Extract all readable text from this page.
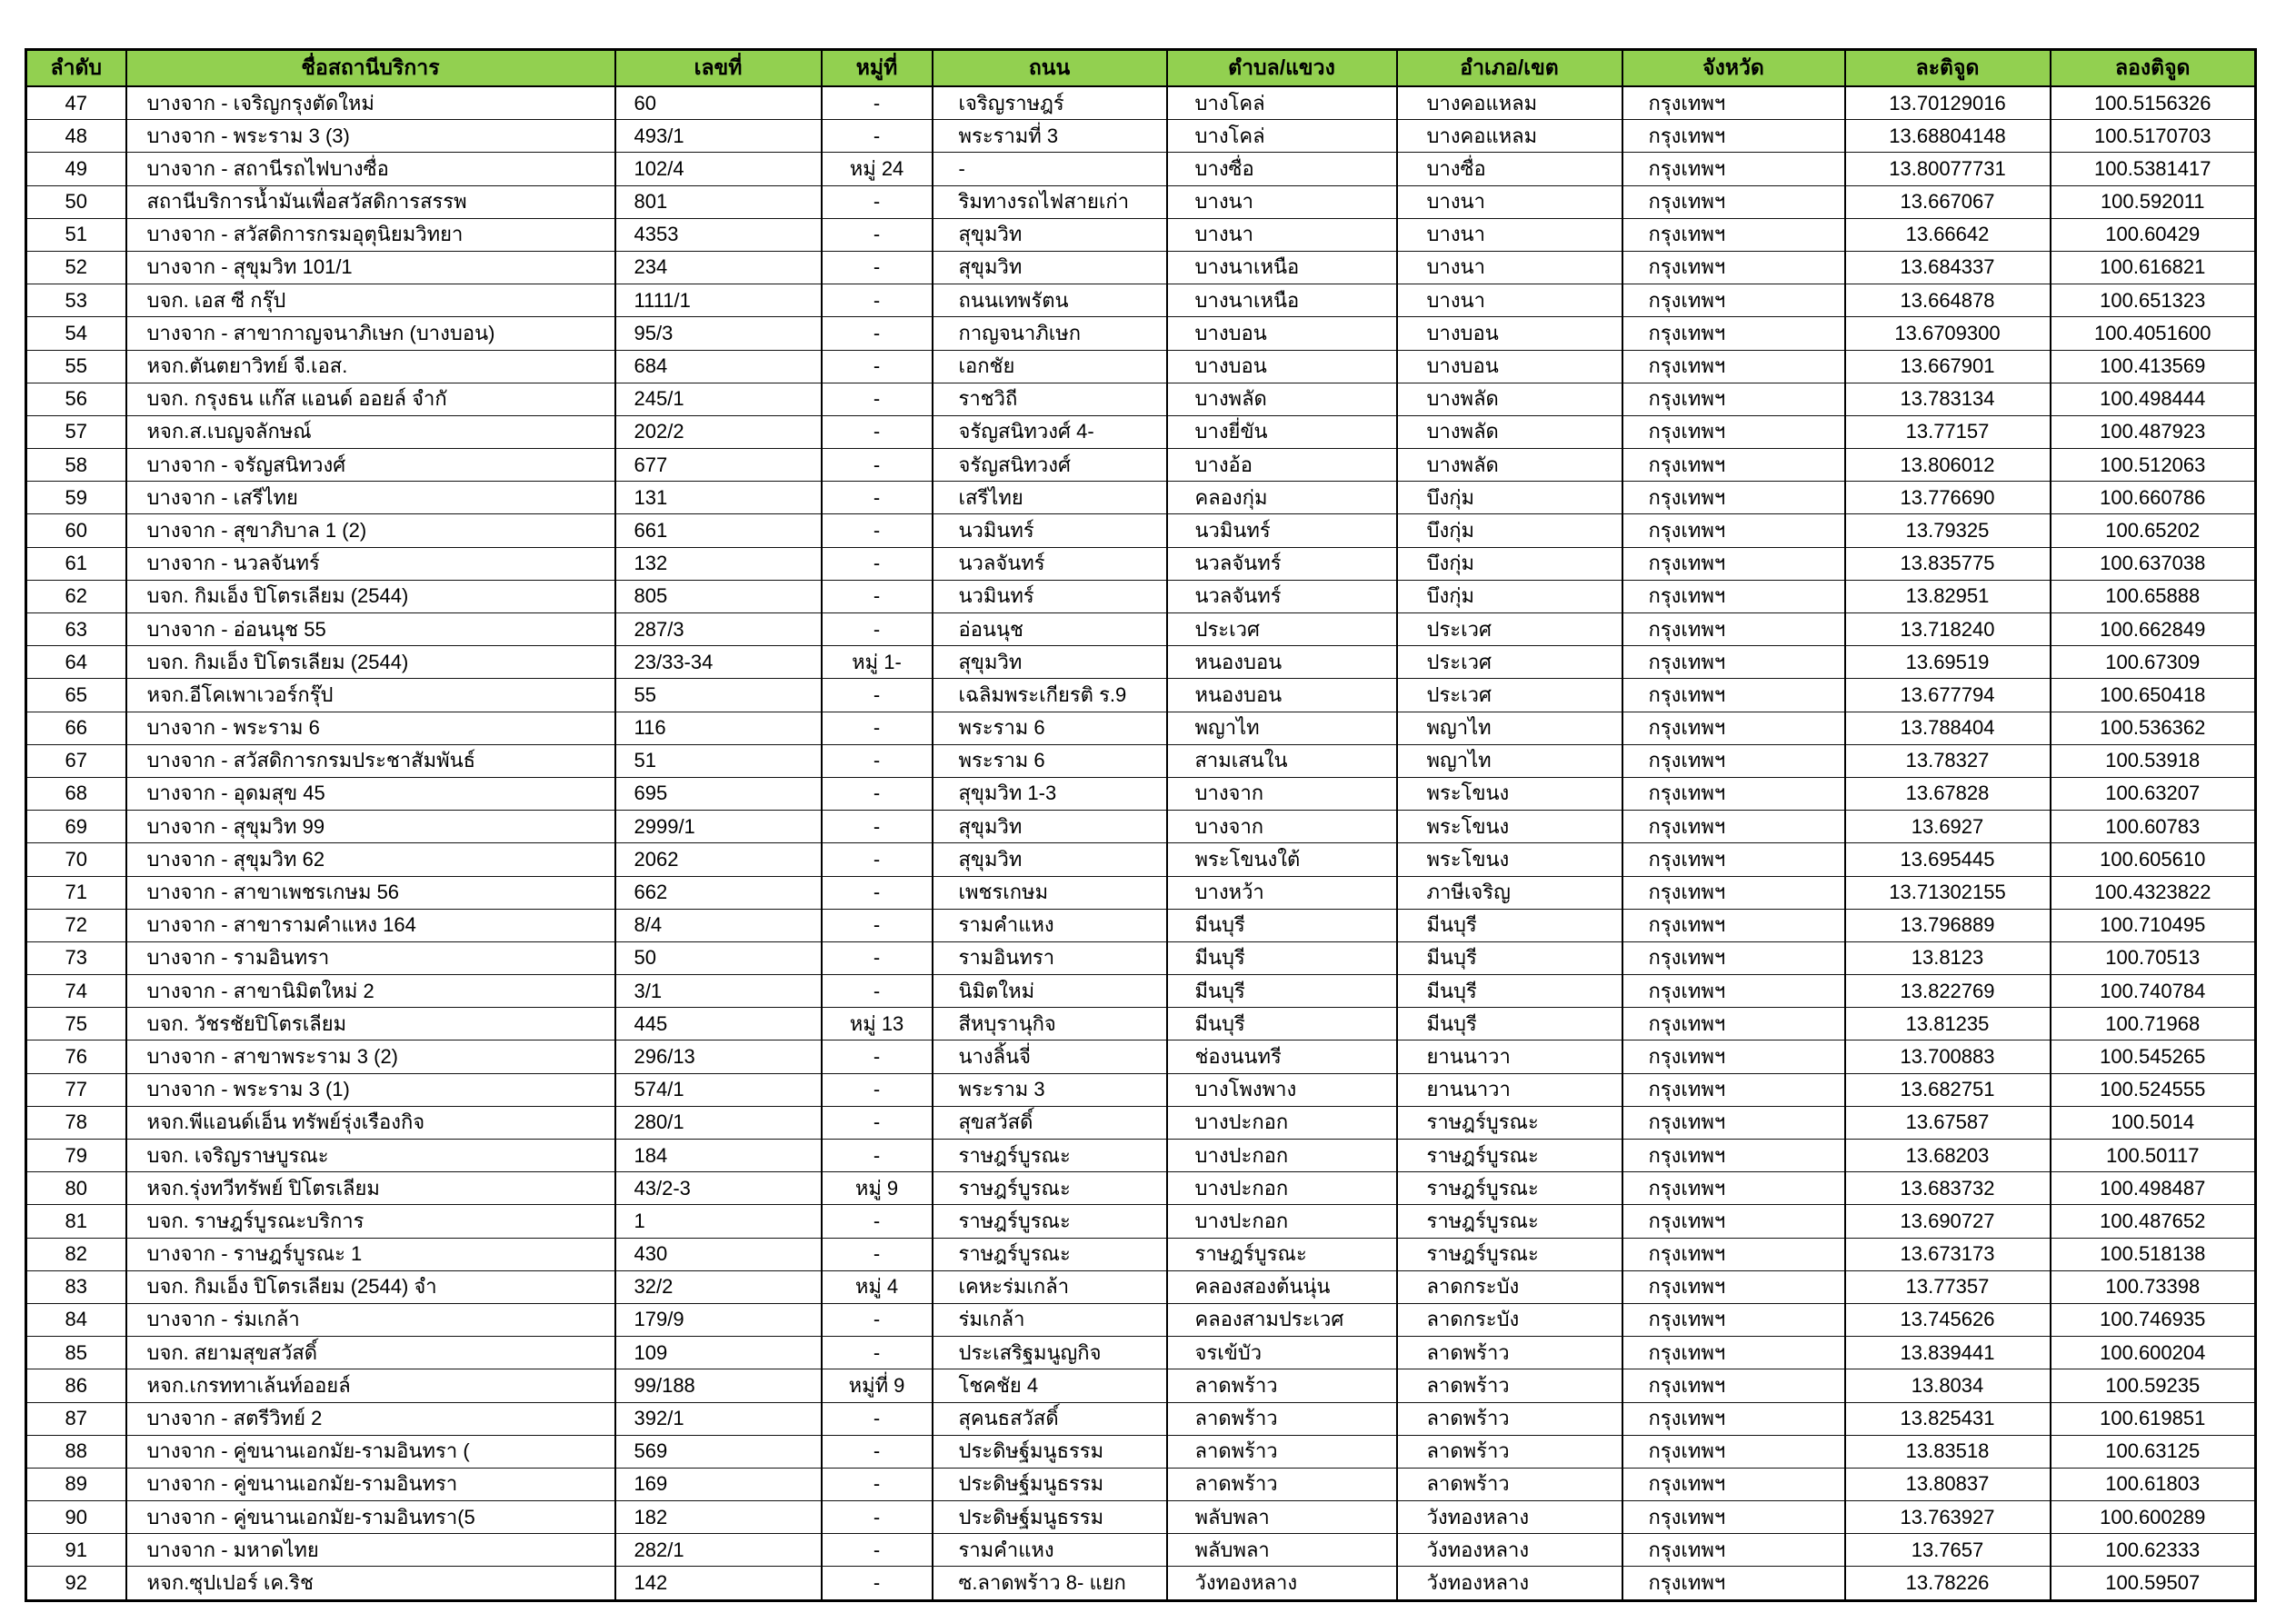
ลำดับ	ชื่อสถานีบริการ	เลขที่	หมู่ที่	ถนน	ตำบล/แขวง	อำเภอ/เขต	จังหวัด	ละติจูด	ลองติจูด
47	บางจาก - เจริญกรุงตัดใหม่	60	-	เจริญราษฎร์	บางโคล่	บางคอแหลม	กรุงเทพฯ	13.70129016	100.5156326
48	บางจาก - พระราม 3 (3)	493/1	-	พระรามที่ 3	บางโคล่	บางคอแหลม	กรุงเทพฯ	13.68804148	100.5170703
49	บางจาก - สถานีรถไฟบางซื่อ	102/4	หมู่ 24	-	บางซื่อ	บางซื่อ	กรุงเทพฯ	13.80077731	100.5381417
50	สถานีบริการน้ำมันเพื่อสวัสดิการสรรพ	801	-	ริมทางรถไฟสายเก่า	บางนา	บางนา	กรุงเทพฯ	13.667067	100.592011
51	บางจาก - สวัสดิการกรมอุตุนิยมวิทยา	4353	-	สุขุมวิท	บางนา	บางนา	กรุงเทพฯ	13.66642	100.60429
52	บางจาก - สุขุมวิท 101/1	234	-	สุขุมวิท	บางนาเหนือ	บางนา	กรุงเทพฯ	13.684337	100.616821
53	บจก. เอส ซี กรุ๊ป	1111/1	-	ถนนเทพรัตน	บางนาเหนือ	บางนา	กรุงเทพฯ	13.664878	100.651323
54	บางจาก - สาขากาญจนาภิเษก (บางบอน)	95/3	-	กาญจนาภิเษก	บางบอน	บางบอน	กรุงเทพฯ	13.6709300	100.4051600
55	หจก.ตันตยาวิทย์ จี.เอส.	684	-	เอกชัย	บางบอน	บางบอน	กรุงเทพฯ	13.667901	100.413569
56	บจก. กรุงธน แก๊ส แอนด์ ออยล์ จำกั	245/1	-	ราชวิถี	บางพลัด	บางพลัด	กรุงเทพฯ	13.783134	100.498444
57	หจก.ส.เบญจลักษณ์	202/2	-	จรัญสนิทวงศ์ 4-	บางยี่ขัน	บางพลัด	กรุงเทพฯ	13.77157	100.487923
58	บางจาก - จรัญสนิทวงศ์	677	-	จรัญสนิทวงศ์	บางอ้อ	บางพลัด	กรุงเทพฯ	13.806012	100.512063
59	บางจาก - เสรีไทย	131	-	เสรีไทย	คลองกุ่ม	บึงกุ่ม	กรุงเทพฯ	13.776690	100.660786
60	บางจาก - สุขาภิบาล 1 (2)	661	-	นวมินทร์	นวมินทร์	บึงกุ่ม	กรุงเทพฯ	13.79325	100.65202
61	บางจาก - นวลจันทร์	132	-	นวลจันทร์	นวลจันทร์	บึงกุ่ม	กรุงเทพฯ	13.835775	100.637038
62	บจก. กิมเอ็ง ปิโตรเลียม (2544)	805	-	นวมินทร์	นวลจันทร์	บึงกุ่ม	กรุงเทพฯ	13.82951	100.65888
63	บางจาก - อ่อนนุช 55	287/3	-	อ่อนนุช	ประเวศ	ประเวศ	กรุงเทพฯ	13.718240	100.662849
64	บจก. กิมเอ็ง ปิโตรเลียม (2544)	23/33-34	หมู่ 1-	สุขุมวิท	หนองบอน	ประเวศ	กรุงเทพฯ	13.69519	100.67309
65	หจก.อีโคเพาเวอร์กรุ๊ป	55	-	เฉลิมพระเกียรติ ร.9	หนองบอน	ประเวศ	กรุงเทพฯ	13.677794	100.650418
66	บางจาก - พระราม 6	116	-	พระราม 6	พญาไท	พญาไท	กรุงเทพฯ	13.788404	100.536362
67	บางจาก - สวัสดิการกรมประชาสัมพันธ์	51	-	พระราม 6	สามเสนใน	พญาไท	กรุงเทพฯ	13.78327	100.53918
68	บางจาก - อุดมสุข 45	695	-	สุขุมวิท 1-3	บางจาก	พระโขนง	กรุงเทพฯ	13.67828	100.63207
69	บางจาก - สุขุมวิท 99	2999/1	-	สุขุมวิท	บางจาก	พระโขนง	กรุงเทพฯ	13.6927	100.60783
70	บางจาก - สุขุมวิท 62	2062	-	สุขุมวิท	พระโขนงใต้	พระโขนง	กรุงเทพฯ	13.695445	100.605610
71	บางจาก - สาขาเพชรเกษม 56	662	-	เพชรเกษม	บางหว้า	ภาษีเจริญ	กรุงเทพฯ	13.71302155	100.4323822
72	บางจาก - สาขารามคำแหง 164	8/4	-	รามคำแหง	มีนบุรี	มีนบุรี	กรุงเทพฯ	13.796889	100.710495
73	บางจาก - รามอินทรา	50	-	รามอินทรา	มีนบุรี	มีนบุรี	กรุงเทพฯ	13.8123	100.70513
74	บางจาก - สาขานิมิตใหม่ 2	3/1	-	นิมิตใหม่	มีนบุรี	มีนบุรี	กรุงเทพฯ	13.822769	100.740784
75	บจก. วัชรชัยปิโตรเลียม	445	หมู่ 13	สีหบุรานุกิจ	มีนบุรี	มีนบุรี	กรุงเทพฯ	13.81235	100.71968
76	บางจาก - สาขาพระราม 3 (2)	296/13	-	นางลิ้นจี่	ช่องนนทรี	ยานนาวา	กรุงเทพฯ	13.700883	100.545265
77	บางจาก - พระราม 3 (1)	574/1	-	พระราม 3	บางโพงพาง	ยานนาวา	กรุงเทพฯ	13.682751	100.524555
78	หจก.พีแอนด์เอ็น ทรัพย์รุ่งเรืองกิจ	280/1	-	สุขสวัสดิ์	บางปะกอก	ราษฎร์บูรณะ	กรุงเทพฯ	13.67587	100.5014
79	บจก. เจริญราษบูรณะ	184	-	ราษฎร์บูรณะ	บางปะกอก	ราษฎร์บูรณะ	กรุงเทพฯ	13.68203	100.50117
80	หจก.รุ่งทวีทรัพย์ ปิโตรเลียม	43/2-3	หมู่ 9	ราษฎร์บูรณะ	บางปะกอก	ราษฎร์บูรณะ	กรุงเทพฯ	13.683732	100.498487
81	บจก. ราษฎร์บูรณะบริการ	1	-	ราษฎร์บูรณะ	บางปะกอก	ราษฎร์บูรณะ	กรุงเทพฯ	13.690727	100.487652
82	บางจาก - ราษฎร์บูรณะ 1	430	-	ราษฎร์บูรณะ	ราษฎร์บูรณะ	ราษฎร์บูรณะ	กรุงเทพฯ	13.673173	100.518138
83	บจก. กิมเอ็ง ปิโตรเลียม (2544) จำ	32/2	หมู่ 4	เคหะร่มเกล้า	คลองสองต้นนุ่น	ลาดกระบัง	กรุงเทพฯ	13.77357	100.73398
84	บางจาก - ร่มเกล้า	179/9	-	ร่มเกล้า	คลองสามประเวศ	ลาดกระบัง	กรุงเทพฯ	13.745626	100.746935
85	บจก. สยามสุขสวัสดิ์	109	-	ประเสริฐมนูญกิจ	จรเข้บัว	ลาดพร้าว	กรุงเทพฯ	13.839441	100.600204
86	หจก.เกรททาเล้นท์ออยล์	99/188	หมู่ที่ 9	โชคชัย 4	ลาดพร้าว	ลาดพร้าว	กรุงเทพฯ	13.8034	100.59235
87	บางจาก - สตรีวิทย์ 2	392/1	-	สุคนธสวัสดิ์	ลาดพร้าว	ลาดพร้าว	กรุงเทพฯ	13.825431	100.619851
88	บางจาก - คู่ขนานเอกมัย-รามอินทรา (	569	-	ประดิษฐ์มนูธรรม	ลาดพร้าว	ลาดพร้าว	กรุงเทพฯ	13.83518	100.63125
89	บางจาก - คู่ขนานเอกมัย-รามอินทรา	169	-	ประดิษฐ์มนูธรรม	ลาดพร้าว	ลาดพร้าว	กรุงเทพฯ	13.80837	100.61803
90	บางจาก - คู่ขนานเอกมัย-รามอินทรา(5	182	-	ประดิษฐ์มนูธรรม	พลับพลา	วังทองหลาง	กรุงเทพฯ	13.763927	100.600289
91	บางจาก - มหาดไทย	282/1	-	รามคำแหง	พลับพลา	วังทองหลาง	กรุงเทพฯ	13.7657	100.62333
92	หจก.ซุปเปอร์ เค.ริช	142	-	ซ.ลาดพร้าว 8- แยก	วังทองหลาง	วังทองหลาง	กรุงเทพฯ	13.78226	100.59507
